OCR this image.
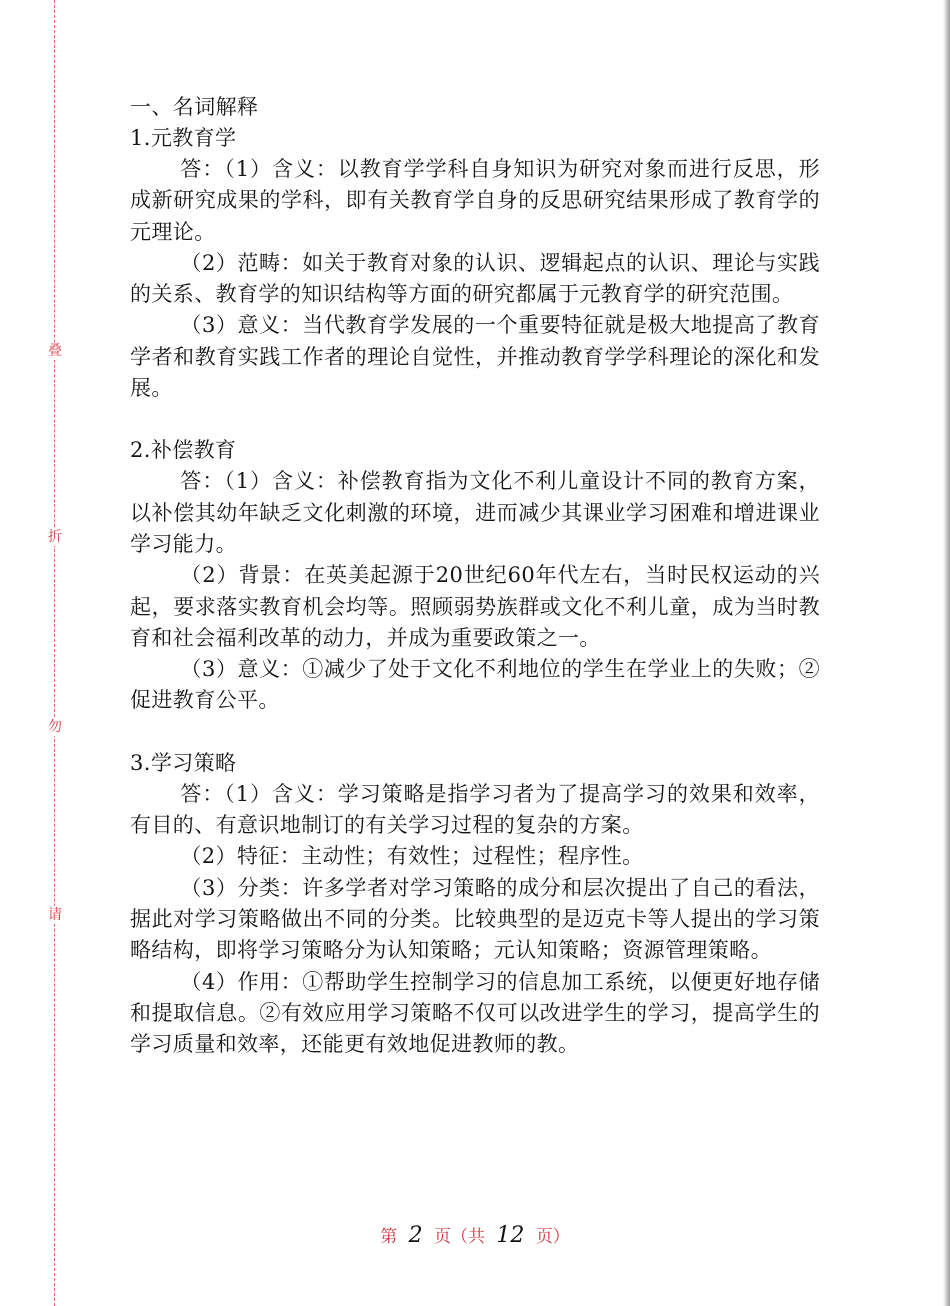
叠
折
勿
请
一、名词解释
1.元教育学
答：（1）含义：以教育学学科自身知识为研究对象而进行反思，形成新研究成果的学科，即有关教育学自身的反思研究结果形成了教育学的元理论。
（2）范畴：如关于教育对象的认识、逻辑起点的认识、理论与实践的关系、教育学的知识结构等方面的研究都属于元教育学的研究范围。
（3）意义：当代教育学发展的一个重要特征就是极大地提高了教育学者和教育实践工作者的理论自觉性，并推动教育学学科理论的深化和发展。
2.补偿教育
答：（1）含义：补偿教育指为文化不利儿童设计不同的教育方案，以补偿其幼年缺乏文化刺激的环境，进而减少其课业学习困难和增进课业学习能力。
（2）背景：在英美起源于20世纪60年代左右，当时民权运动的兴起，要求落实教育机会均等。照顾弱势族群或文化不利儿童，成为当时教育和社会福利改革的动力，并成为重要政策之一。
（3）意义：①减少了处于文化不利地位的学生在学业上的失败；②促进教育公平。
3.学习策略
答：（1）含义：学习策略是指学习者为了提高学习的效果和效率，有目的、有意识地制订的有关学习过程的复杂的方案。
（2）特征：主动性；有效性；过程性；程序性。
（3）分类：许多学者对学习策略的成分和层次提出了自己的看法，据此对学习策略做出不同的分类。比较典型的是迈克卡等人提出的学习策略结构，即将学习策略分为认知策略；元认知策略；资源管理策略。
（4）作用：①帮助学生控制学习的信息加工系统，以便更好地存储和提取信息。②有效应用学习策略不仅可以改进学生的学习，提高学生的学习质量和效率，还能更有效地促进教师的教。
第 2 页（共 12 页）
